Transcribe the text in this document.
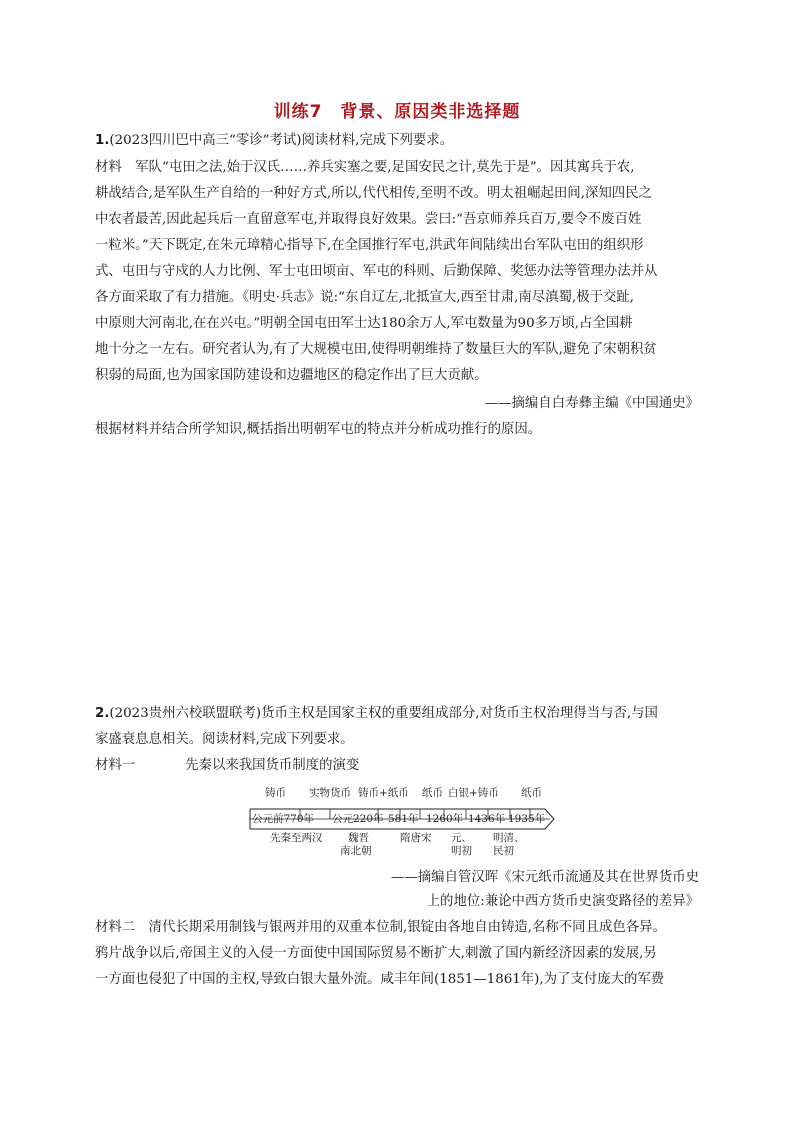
训练7　背景、原因类非选择题
1.(2023四川巴中高三“零诊”考试)阅读材料,完成下列要求。
材料　军队“屯田之法,始于汉氏……养兵实塞之要,足国安民之计,莫先于是”。因其寓兵于农,
耕战结合,是军队生产自给的一种好方式,所以,代代相传,至明不改。明太祖崛起田间,深知四民之
中农者最苦,因此起兵后一直留意军屯,并取得良好效果。尝曰:“吾京师养兵百万,要令不废百姓
一粒米。”天下既定,在朱元璋精心指导下,在全国推行军屯,洪武年间陆续出台军队屯田的组织形
式、屯田与守戍的人力比例、军士屯田顷亩、军屯的科则、后勤保障、奖惩办法等管理办法并从
各方面采取了有力措施。《明史·兵志》说:“东自辽左,北抵宣大,西至甘肃,南尽滇蜀,极于交趾,
中原则大河南北,在在兴屯。”明朝全国屯田军士达180余万人,军屯数量为90多万顷,占全国耕
地十分之一左右。研究者认为,有了大规模屯田,使得明朝维持了数量巨大的军队,避免了宋朝积贫
积弱的局面,也为国家国防建设和边疆地区的稳定作出了巨大贡献。
——摘编自白寿彝主编《中国通史》
根据材料并结合所学知识,概括指出明朝军屯的特点并分析成功推行的原因。
2.(2023贵州六校联盟联考)货币主权是国家主权的重要组成部分,对货币主权治理得当与否,与国
家盛衰息息相关。阅读材料,完成下列要求。
材料一	先秦以来我国货币制度的演变
铸币 实物货币 铸币+纸币 纸币 白银+铸币 纸币
公元前770年 公元220年 581年 1260年 1436年 1935年
先秦至两汉 魏晋
南北朝
隋唐宋 元、
明初
明清、
民初
——摘编自管汉晖《宋元纸币流通及其在世界货币史
上的地位:兼论中西方货币史演变路径的差异》
材料二　清代长期采用制钱与银两并用的双重本位制,银锭由各地自由铸造,名称不同且成色各异。
鸦片战争以后,帝国主义的入侵一方面使中国国际贸易不断扩大,刺激了国内新经济因素的发展,另
一方面也侵犯了中国的主权,导致白银大量外流。咸丰年间(1851—1861年),为了支付庞大的军费
